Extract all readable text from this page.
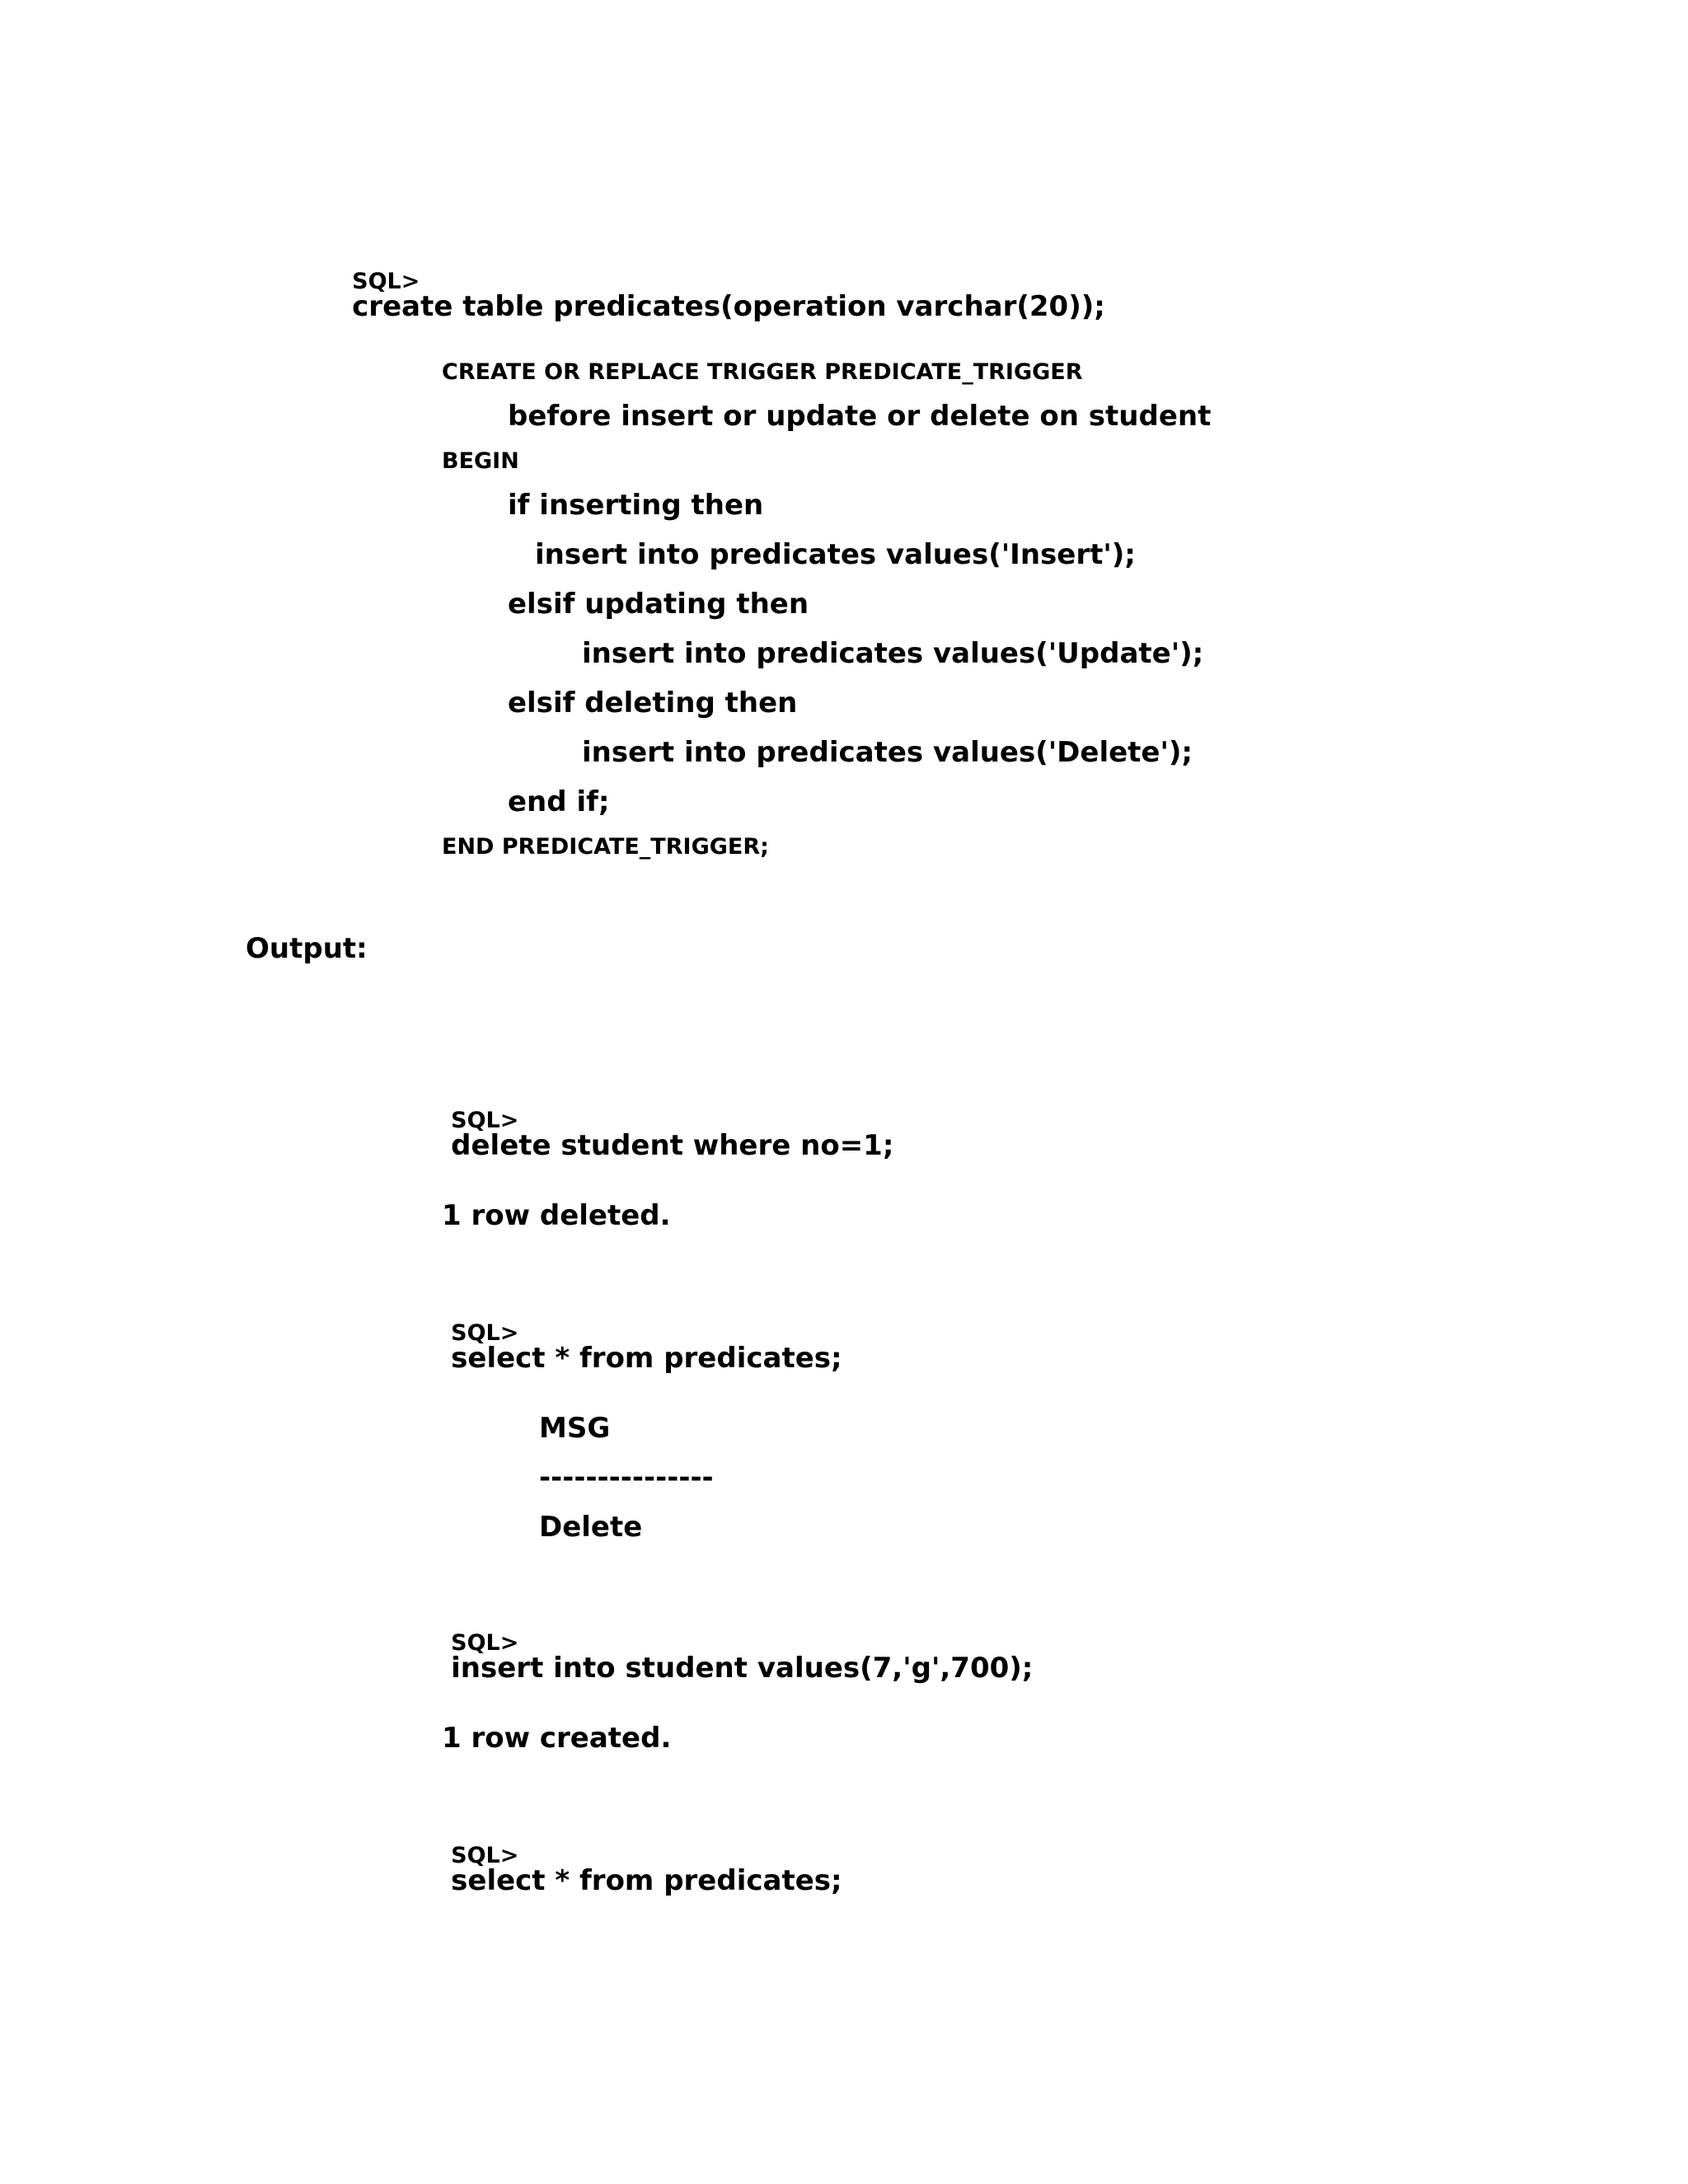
SQL>
create table predicates(operation varchar(20));

CREATE OR REPLACE TRIGGER PREDICATE_TRIGGER
before insert or update or delete on student
BEGIN
if inserting then
insert into predicates values('Insert');
elsif updating then
insert into predicates values('Update');
elsif deleting then
insert into predicates values('Delete');
end if;
END PREDICATE_TRIGGER;
Output:

SQL>
delete student where no=1;

1 row deleted.

SQL>
select * from predicates;

MSG
---------------
Delete

SQL>
insert into student values(7,'g',700);

1 row created.

SQL>
select * from predicates;
